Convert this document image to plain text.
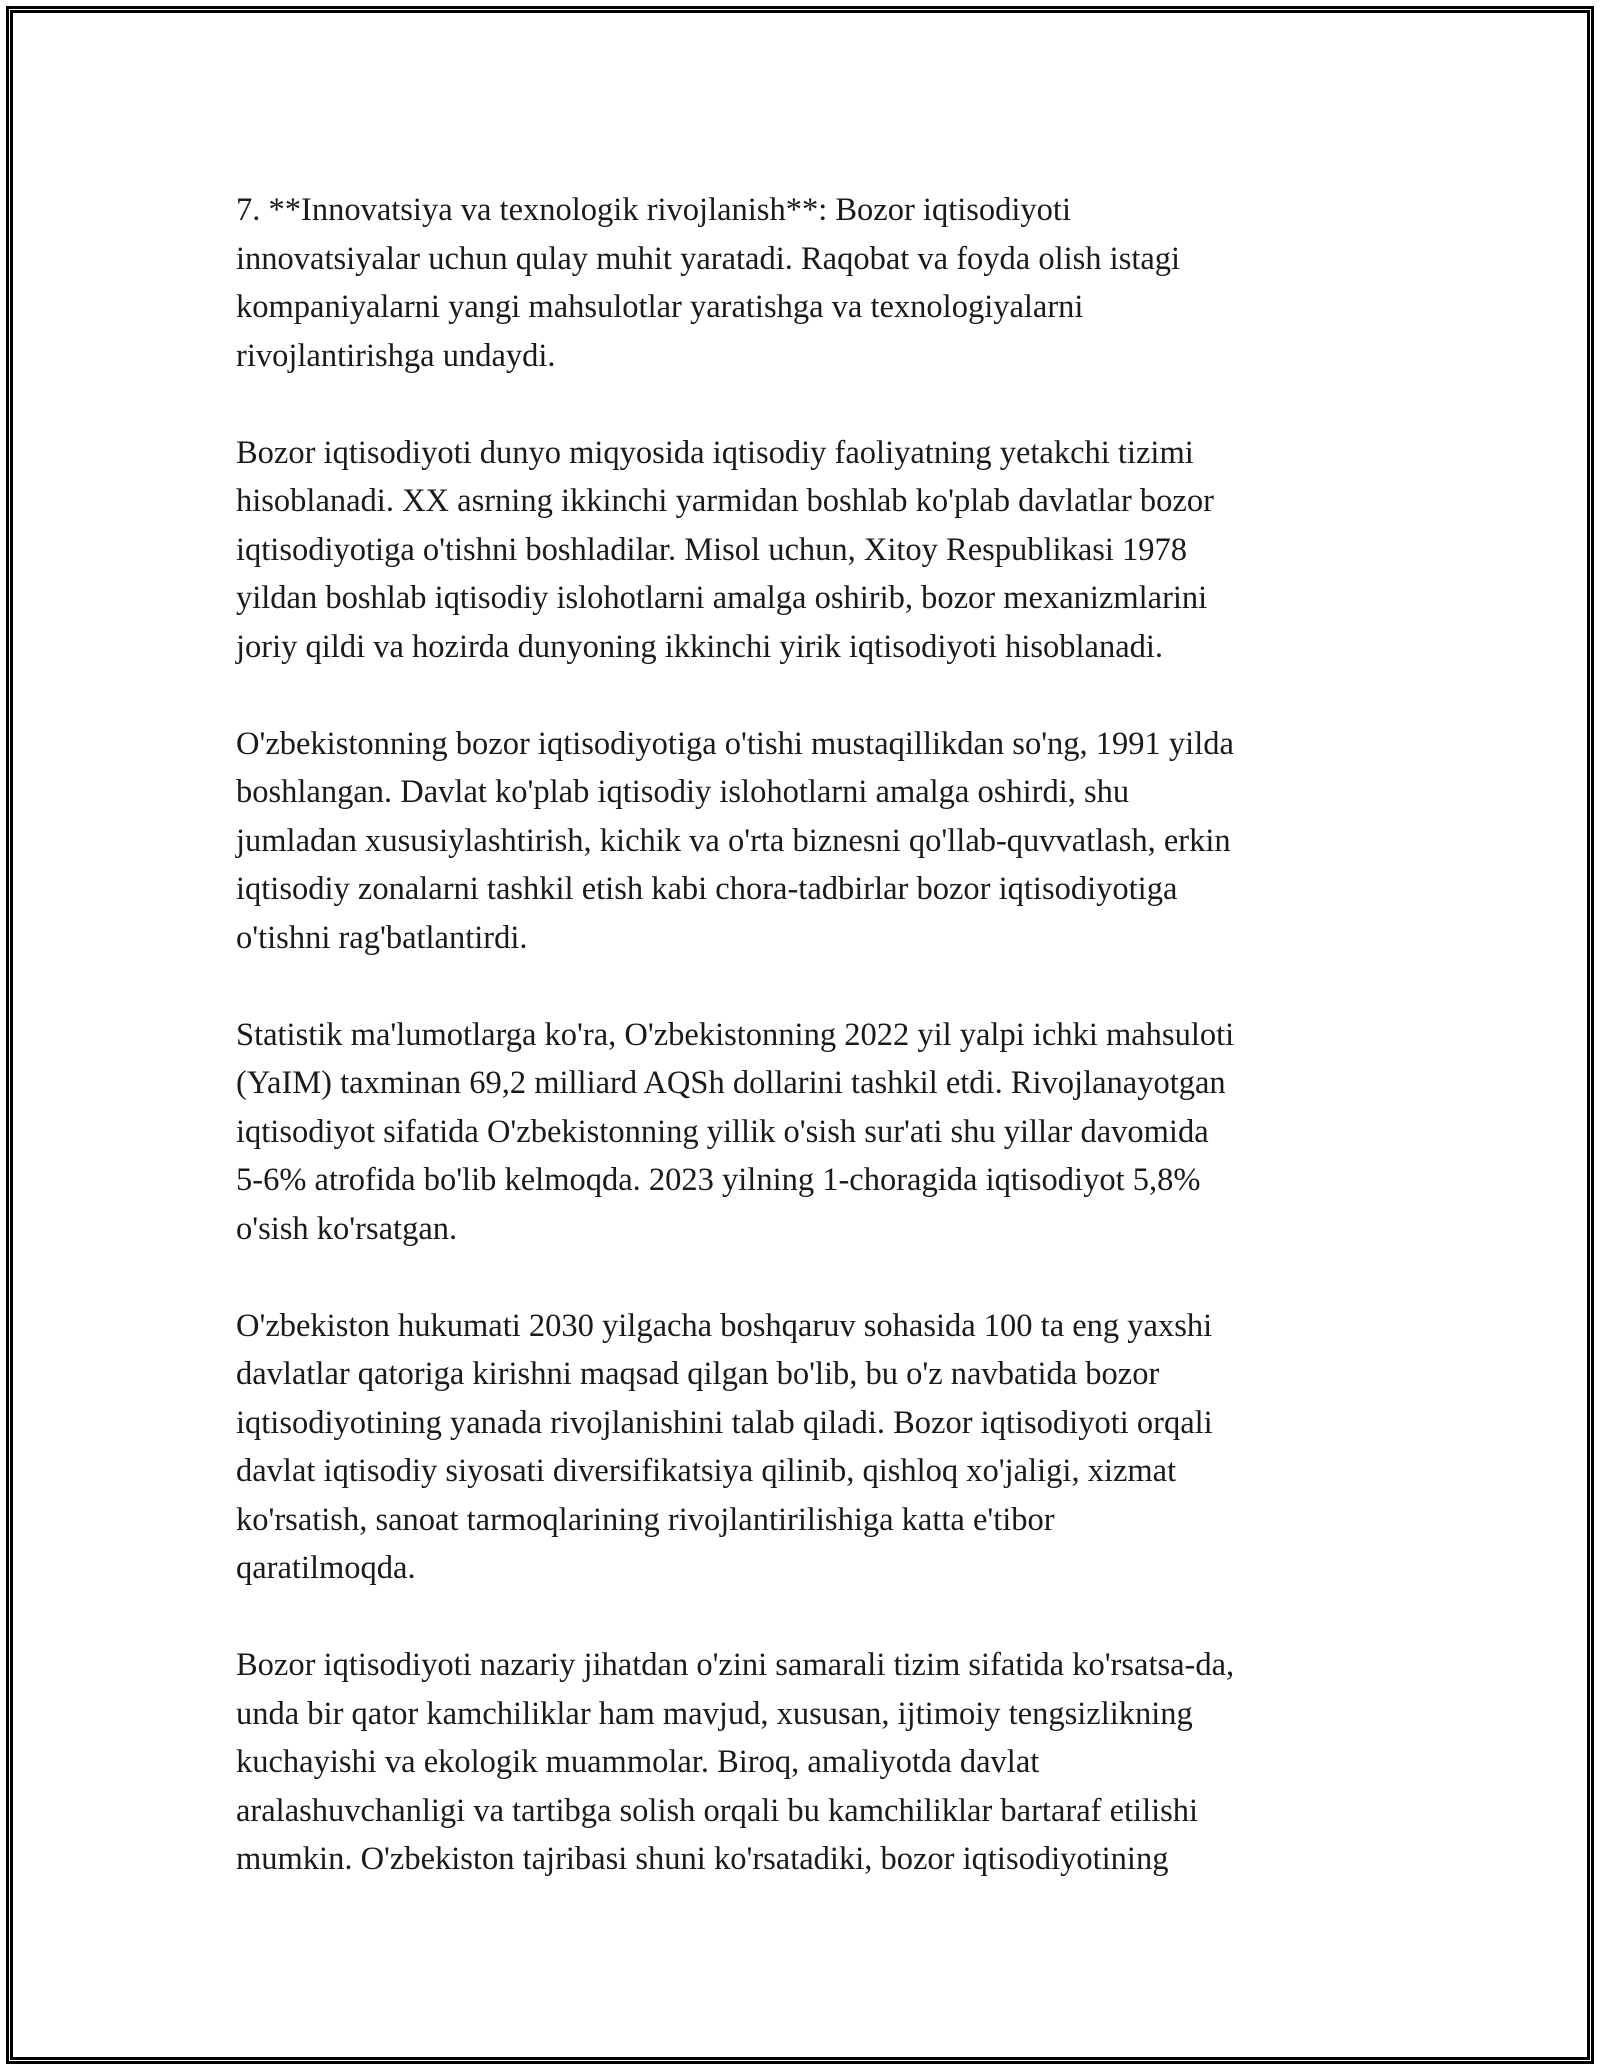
7. **Innovatsiya va texnologik rivojlanish**: Bozor iqtisodiyoti
innovatsiyalar uchun qulay muhit yaratadi. Raqobat va foyda olish istagi
kompaniyalarni yangi mahsulotlar yaratishga va texnologiyalarni
rivojlantirishga undaydi.

Bozor iqtisodiyoti dunyo miqyosida iqtisodiy faoliyatning yetakchi tizimi
hisoblanadi. XX asrning ikkinchi yarmidan boshlab ko'plab davlatlar bozor
iqtisodiyotiga o'tishni boshladilar. Misol uchun, Xitoy Respublikasi 1978
yildan boshlab iqtisodiy islohotlarni amalga oshirib, bozor mexanizmlarini
joriy qildi va hozirda dunyoning ikkinchi yirik iqtisodiyoti hisoblanadi.

O'zbekistonning bozor iqtisodiyotiga o'tishi mustaqillikdan so'ng, 1991 yilda
boshlangan. Davlat ko'plab iqtisodiy islohotlarni amalga oshirdi, shu
jumladan xususiylashtirish, kichik va o'rta biznesni qo'llab-quvvatlash, erkin
iqtisodiy zonalarni tashkil etish kabi chora-tadbirlar bozor iqtisodiyotiga
o'tishni rag'batlantirdi.

Statistik ma'lumotlarga ko'ra, O'zbekistonning 2022 yil yalpi ichki mahsuloti
(YaIM) taxminan 69,2 milliard AQSh dollarini tashkil etdi. Rivojlanayotgan
iqtisodiyot sifatida O'zbekistonning yillik o'sish sur'ati shu yillar davomida
5-6% atrofida bo'lib kelmoqda. 2023 yilning 1-choragida iqtisodiyot 5,8%
o'sish ko'rsatgan.

O'zbekiston hukumati 2030 yilgacha boshqaruv sohasida 100 ta eng yaxshi
davlatlar qatoriga kirishni maqsad qilgan bo'lib, bu o'z navbatida bozor
iqtisodiyotining yanada rivojlanishini talab qiladi. Bozor iqtisodiyoti orqali
davlat iqtisodiy siyosati diversifikatsiya qilinib, qishloq xo'jaligi, xizmat
ko'rsatish, sanoat tarmoqlarining rivojlantirilishiga katta e'tibor
qaratilmoqda.

Bozor iqtisodiyoti nazariy jihatdan o'zini samarali tizim sifatida ko'rsatsa-da,
unda bir qator kamchiliklar ham mavjud, xususan, ijtimoiy tengsizlikning
kuchayishi va ekologik muammolar. Biroq, amaliyotda davlat
aralashuvchanligi va tartibga solish orqali bu kamchiliklar bartaraf etilishi
mumkin. O'zbekiston tajribasi shuni ko'rsatadiki, bozor iqtisodiyotining
